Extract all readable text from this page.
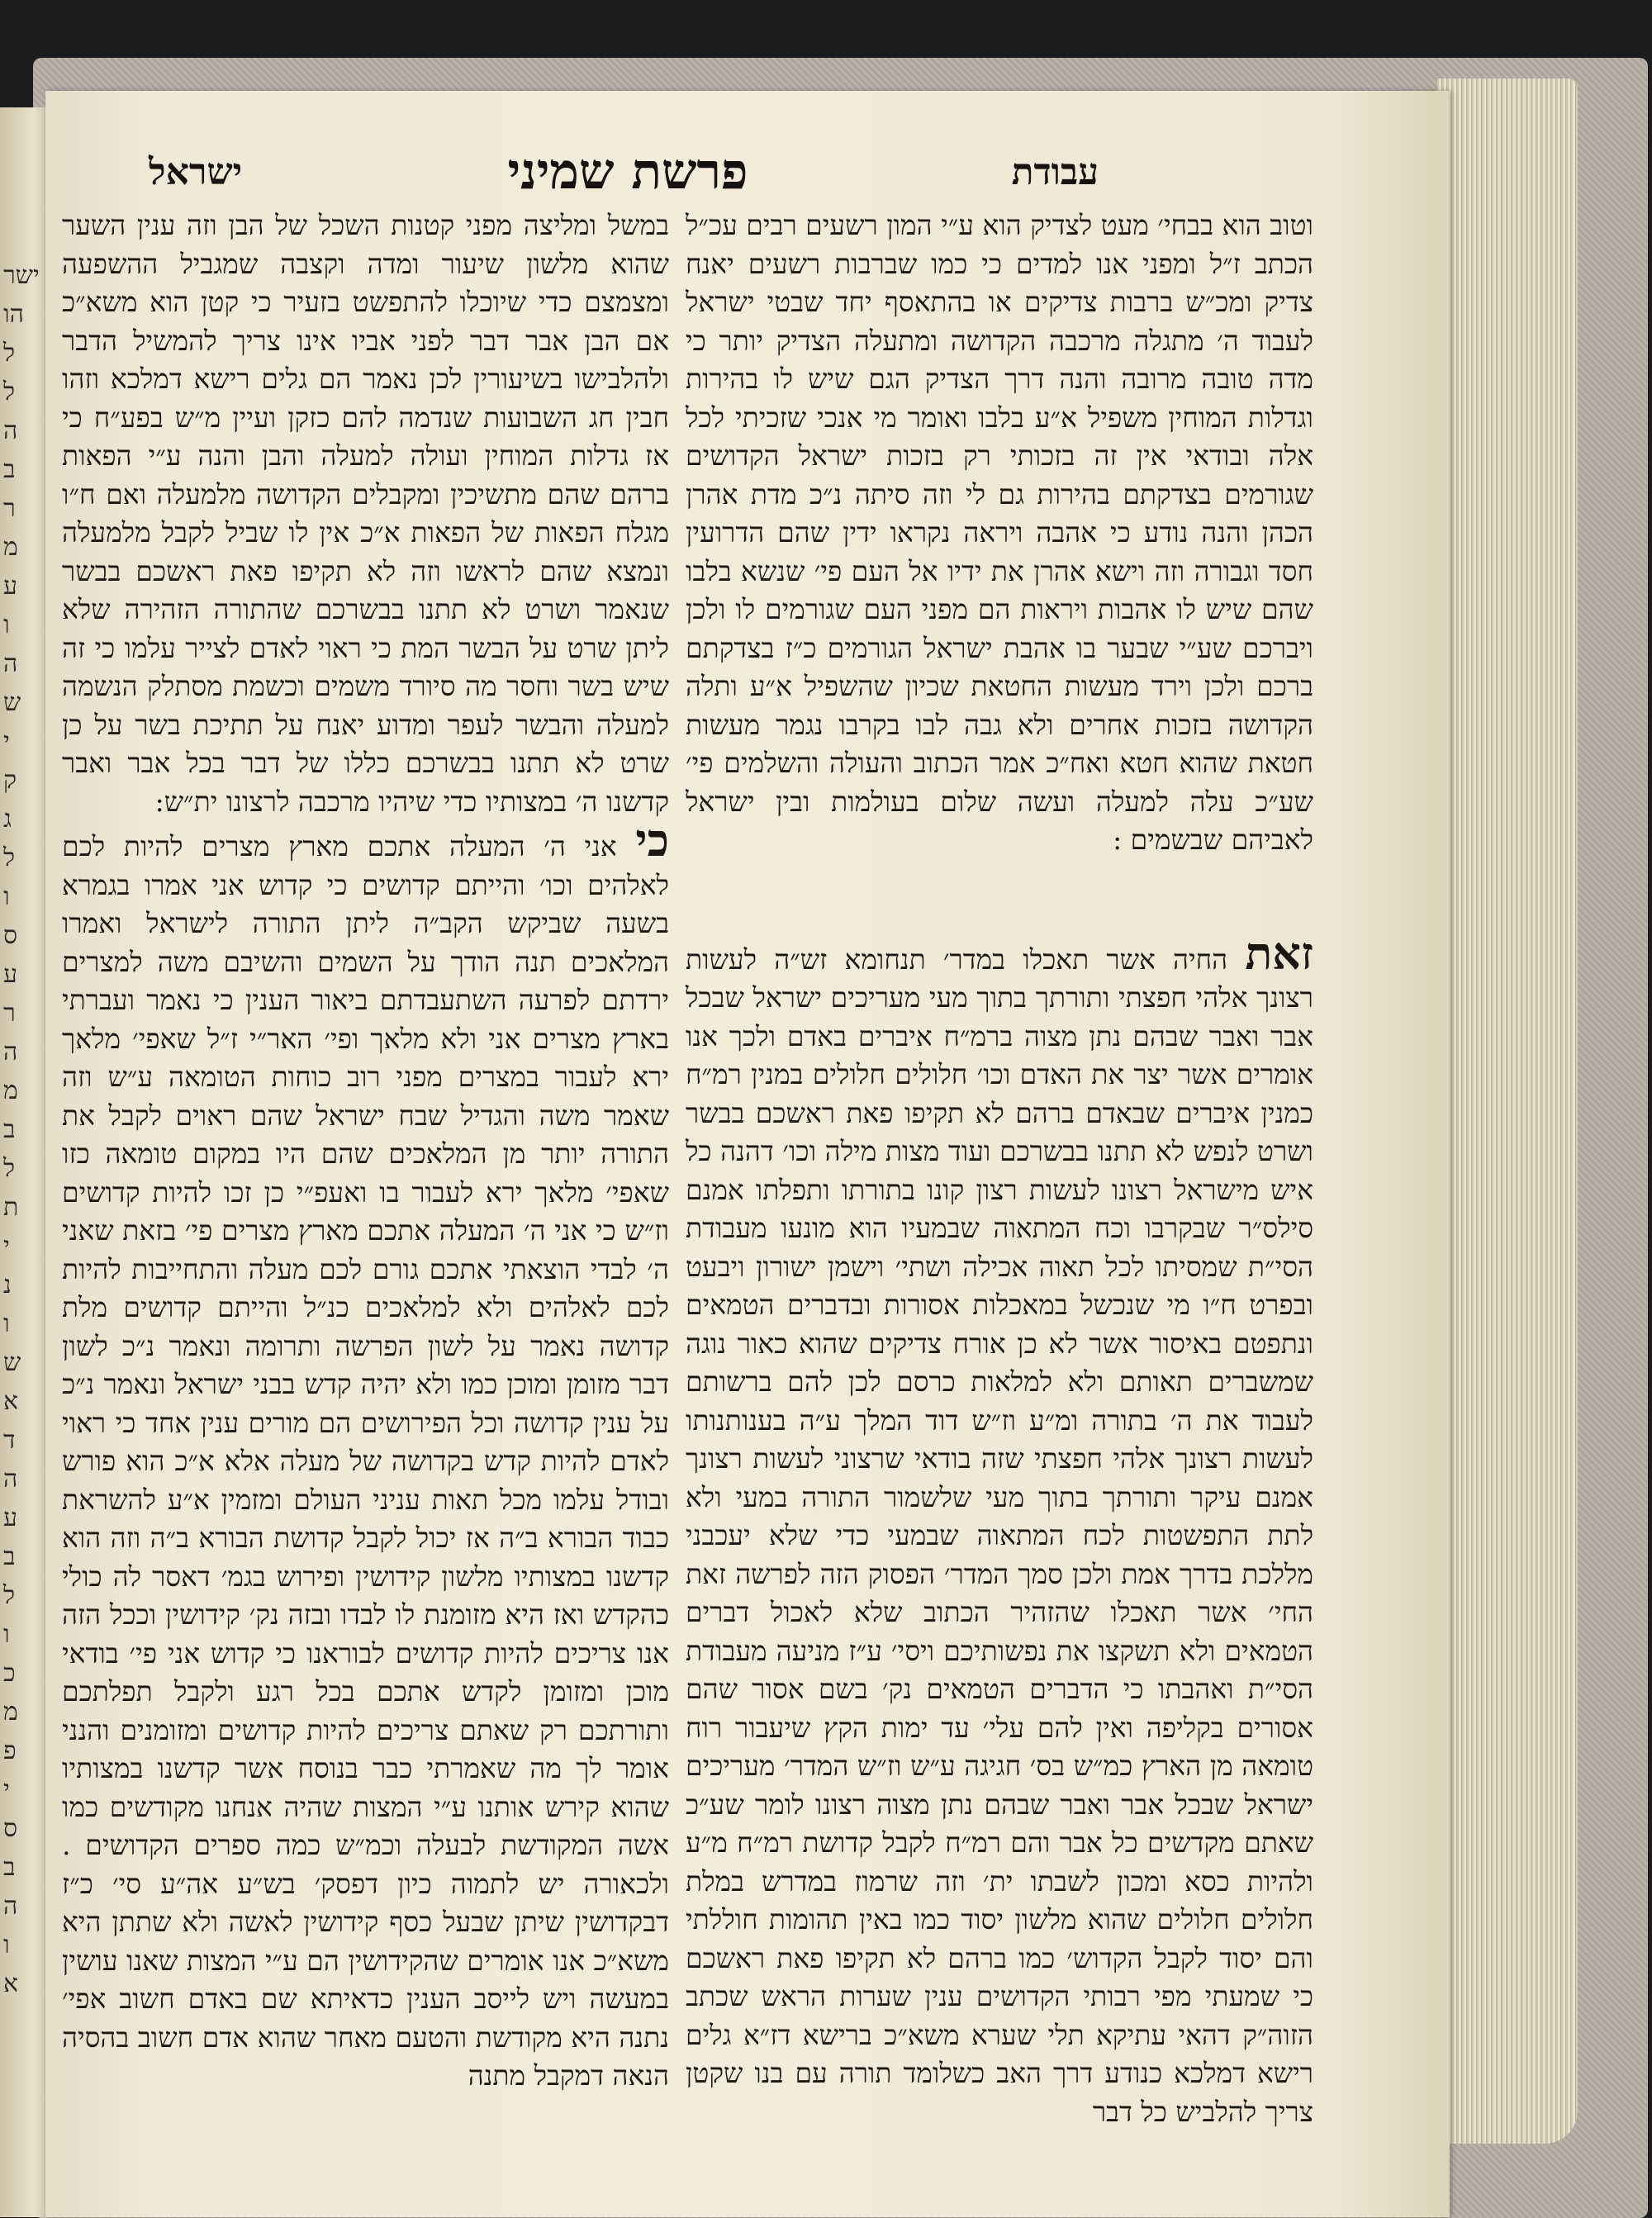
ישר
הו
ל
ל
ה
ב
ר
מ
ע
ו
ה
ש
י
ק
ג
ל
ו
ס
ע
ר
ה
מ
ב
ל
ת
י
נ
ו
ש
א
ד
ה
ע
ב
ל
ו
כ
מ
פ
י
ס
ב
ה
ו
א
עבודת
פרשת שמיני
ישראל

וטוב הוא בבחי׳ מעט לצדיק הוא ע״י המון רשעים רבים עכ״ל הכתב ז״ל ומפני אנו למדים כי כמו שברבות רשעים יאנח צדיק ומכ״ש ברבות צדיקים או בהתאסף יחד שבטי ישראל לעבוד ה׳ מתגלה מרכבה הקדושה ומתעלה הצדיק יותר כי מדה טובה מרובה והנה דרך הצדיק הגם שיש לו בהירות וגדלות המוחין משפיל א״ע בלבו ואומר מי אנכי שזכיתי לכל אלה ובודאי אין זה בזכותי רק בזכות ישראל הקדושים שגורמים בצדקתם בהירות גם לי וזה סיתה נ״כ מדת אהרן הכהן והנה נודע כי אהבה ויראה נקראו ידין שהם הדרועין חסד וגבורה וזה וישא אהרן את ידיו אל העם פי׳ שנשא בלבו שהם שיש לו אהבות ויראות הם מפני העם שגורמים לו ולכן ויברכם שע״י שבער בו אהבת ישראל הגורמים כ״ז בצדקתם ברכם ולכן וירד מעשות החטאת שכיון שהשפיל א״ע ותלה הקדושה בזכות אחרים ולא גבה לבו בקרבו נגמר מעשות חטאת שהוא חטא ואח״כ אמר הכתוב והעולה והשלמים פי׳ שע״כ עלה למעלה ועשה שלום בעולמות ובין ישראל לאביהם שבשמים :

זאת החיה אשר תאכלו במדר׳ תנחומא זש״ה לעשות רצונך אלהי חפצתי ותורתך בתוך מעי מעריכים ישראל שבכל אבר ואבר שבהם נתן מצוה ברמ״ח איברים באדם ולכך אנו אומרים אשר יצר את האדם וכו׳ חלולים חלולים במנין רמ״ח כמנין איברים שבאדם ברהם לא תקיפו פאת ראשכם בבשר ושרט לנפש לא תתנו בבשרכם ועוד מצות מילה וכו׳ דהנה כל איש מישראל רצונו לעשות רצון קונו בתורתו ותפלתו אמנם סילס״ר שבקרבו וכח המתאוה שבמעיו הוא מונעו מעבודת הסי״ת שמסיתו לכל תאוה אכילה ושתי׳ וישמן ישורון ויבעט ובפרט ח״ו מי שנכשל במאכלות אסורות ובדברים הטמאים ונתפטם באיסור אשר לא כן אורח צדיקים שהוא כאור נוגה שמשברים תאותם ולא למלאות כרסם לכן להם ברשותם לעבוד את ה׳ בתורה ומ״ע וז״ש דוד המלך ע״ה בענותנותו לעשות רצונך אלהי חפצתי שזה בודאי שרצוני לעשות רצונך אמנם עיקר ותורתך בתוך מעי שלשמור התורה במעי ולא לתת התפשטות לכח המתאוה שבמעי כדי שלא יעכבני מללכת בדרך אמת ולכן סמך המדר׳ הפסוק הזה לפרשה זאת החי׳ אשר תאכלו שהזהיר הכתוב שלא לאכול דברים הטמאים ולא תשקצו את נפשותיכם ויסי׳ ע״ז מניעה מעבודת הסי״ת ואהבתו כי הדברים הטמאים נק׳ בשם אסור שהם אסורים בקליפה ואין להם עלי׳ עד ימות הקץ שיעבור רוח טומאה מן הארץ כמ״ש בס׳ חגיגה ע״ש וז״ש המדר׳ מעריכים ישראל שבכל אבר ואבר שבהם נתן מצוה רצונו לומר שע״כ שאתם מקדשים כל אבר והם רמ״ח לקבל קדושת רמ״ח מ״ע ולהיות כסא ומכון לשבתו ית׳ וזה שרמוז במדרש במלת חלולים חלולים שהוא מלשון יסוד כמו באין תהומות חוללתי והם יסוד לקבל הקדוש׳ כמו ברהם לא תקיפו פאת ראשכם כי שמעתי מפי רבותי הקדושים ענין שערות הראש שכתב הזוה״ק דהאי עתיקא תלי שערא משא״כ ברישא דז״א גלים רישא דמלכא כנודע דרך האב כשלומד תורה עם בנו שקטן צריך להלביש כל דבר

במשל ומליצה מפני קטנות השכל של הבן וזה ענין השער שהוא מלשון שיעור ומדה וקצבה שמגביל ההשפעה ומצמצם כדי שיוכלו להתפשט בזעיר כי קטן הוא משא״כ אם הבן אבר דבר לפני אביו אינו צריך להמשיל הדבר ולהלבישו בשיעורין לכן נאמר הם גלים רישא דמלכא וזהו חבין חג השבועות שנדמה להם כזקן ועיין מ״ש בפע״ח כי אז גדלות המוחין ועולה למעלה והבן והנה ע״י הפאות ברהם שהם מתשיכין ומקבלים הקדושה מלמעלה ואם ח״ו מגלח הפאות של הפאות א״כ אין לו שביל לקבל מלמעלה ונמצא שהם לראשו וזה לא תקיפו פאת ראשכם בבשר שנאמר ושרט לא תתנו בבשרכם שהתורה הזהירה שלא ליתן שרט על הבשר המת כי ראוי לאדם לצייר עלמו כי זה שיש בשר וחסר מה סיורד משמים וכשמת מסתלק הנשמה למעלה והבשר לעפר ומדוע יאנח על תתיכת בשר על כן שרט לא תתנו בבשרכם כללו של דבר בכל אבר ואבר קדשנו ה׳ במצותיו כדי שיהיו מרכבה לרצונו ית״ש:

כי אני ה׳ המעלה אתכם מארץ מצרים להיות לכם לאלהים וכו׳ והייתם קדושים כי קדוש אני אמרו בגמרא בשעה שביקש הקב״ה ליתן התורה לישראל ואמרו המלאכים תנה הודך על השמים והשיבם משה למצרים ירדתם לפרעה השתעבדתם ביאור הענין כי נאמר ועברתי בארץ מצרים אני ולא מלאך ופי׳ האר״י ז״ל שאפי׳ מלאך ירא לעבור במצרים מפני רוב כוחות הטומאה ע״ש וזה שאמר משה והגדיל שבח ישראל שהם ראוים לקבל את התורה יותר מן המלאכים שהם היו במקום טומאה כזו שאפי׳ מלאך ירא לעבור בו ואעפ״י כן זכו להיות קדושים וז״ש כי אני ה׳ המעלה אתכם מארץ מצרים פי׳ בזאת שאני ה׳ לבדי הוצאתי אתכם גורם לכם מעלה והתחייבות להיות לכם לאלהים ולא למלאכים כנ״ל והייתם קדושים מלת קדושה נאמר על לשון הפרשה ותרומה ונאמר נ״כ לשון דבר מזומן ומוכן כמו ולא יהיה קדש בבני ישראל ונאמר נ״כ על ענין קדושה וכל הפירושים הם מורים ענין אחד כי ראוי לאדם להיות קדש בקדושה של מעלה אלא א״כ הוא פורש ובודל עלמו מכל תאות עניני העולם ומזמין א״ע להשראת כבוד הבורא ב״ה אז יכול לקבל קדושת הבורא ב״ה וזה הוא קדשנו במצותיו מלשון קידושין ופירוש בגמ׳ דאסר לה כולי כהקדש ואז היא מזומנת לו לבדו ובזה נק׳ קידושין וככל הזה אנו צריכים להיות קדושים לבוראנו כי קדוש אני פי׳ בודאי מוכן ומזומן לקדש אתכם בכל רגע ולקבל תפלתכם ותורתכם רק שאתם צריכים להיות קדושים ומזומנים והנני אומר לך מה שאמרתי כבר בנוסח אשר קדשנו במצותיו שהוא קירש אותנו ע״י המצות שהיה אנחנו מקודשים כמו אשה המקודשת לבעלה וכמ״ש כמה ספרים הקדושים . ולכאורה יש לתמוה כיון דפסק׳ בש״ע אה״ע סי׳ כ״ז דבקדושין שיתן שבעל כסף קידושין לאשה ולא שתתן היא משא״כ אנו אומרים שהקידושין הם ע״י המצות שאנו עושין במעשה ויש לייסב הענין כדאיתא שם באדם חשוב אפי׳ נתנה היא מקודשת והטעם מאחר שהוא אדם חשוב בהסיה הנאה דמקבל מתנה
